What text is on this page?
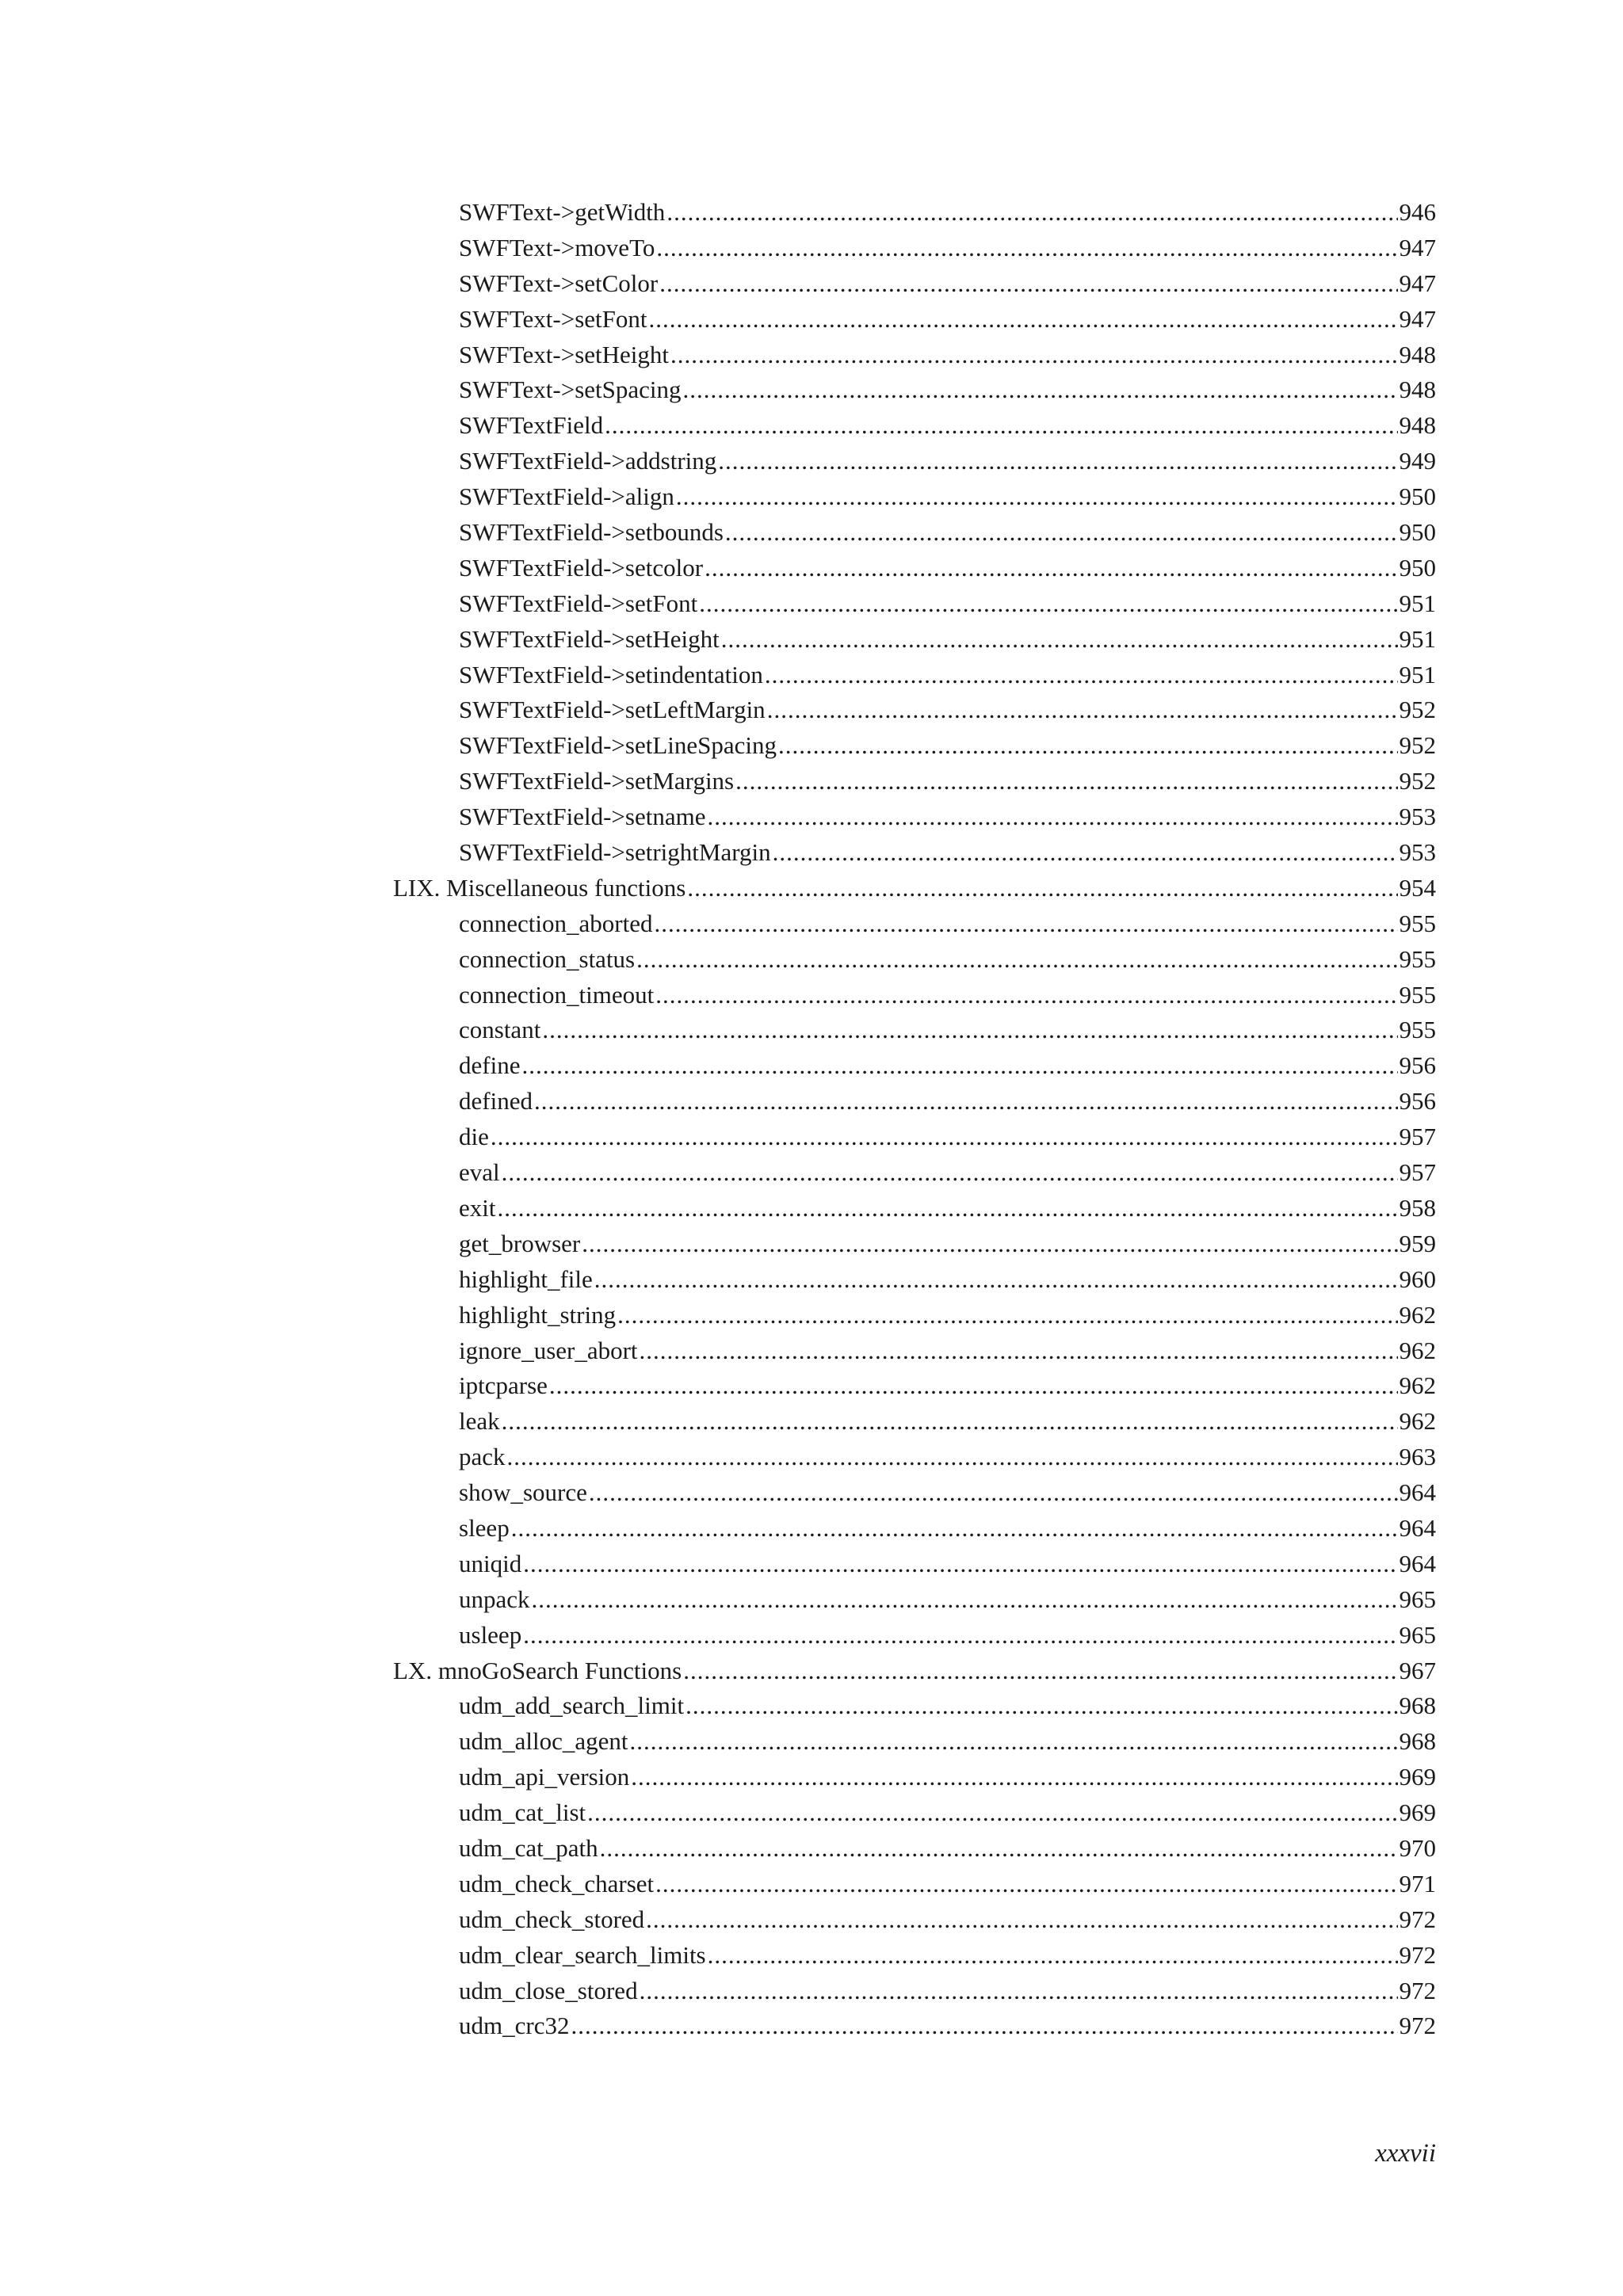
SWFText->getWidth .....	946
SWFText->moveTo .....	947
SWFText->setColor .....	947
SWFText->setFont .....	947
SWFText->setHeight .....	948
SWFText->setSpacing .....	948
SWFTextField .....	948
SWFTextField->addstring .....	949
SWFTextField->align .....	950
SWFTextField->setbounds .....	950
SWFTextField->setcolor .....	950
SWFTextField->setFont .....	951
SWFTextField->setHeight .....	951
SWFTextField->setindentation .....	951
SWFTextField->setLeftMargin .....	952
SWFTextField->setLineSpacing .....	952
SWFTextField->setMargins .....	952
SWFTextField->setname .....	953
SWFTextField->setrightMargin .....	953
LIX. Miscellaneous functions .....	954
connection_aborted .....	955
connection_status .....	955
connection_timeout .....	955
constant .....	955
define .....	956
defined .....	956
die .....	957
eval .....	957
exit .....	958
get_browser .....	959
highlight_file .....	960
highlight_string .....	962
ignore_user_abort .....	962
iptcparse .....	962
leak .....	962
pack .....	963
show_source .....	964
sleep .....	964
uniqid .....	964
unpack .....	965
usleep .....	965
LX. mnoGoSearch Functions .....	967
udm_add_search_limit .....	968
udm_alloc_agent .....	968
udm_api_version .....	969
udm_cat_list .....	969
udm_cat_path .....	970
udm_check_charset .....	971
udm_check_stored .....	972
udm_clear_search_limits .....	972
udm_close_stored .....	972
udm_crc32 .....	972
xxxvii
